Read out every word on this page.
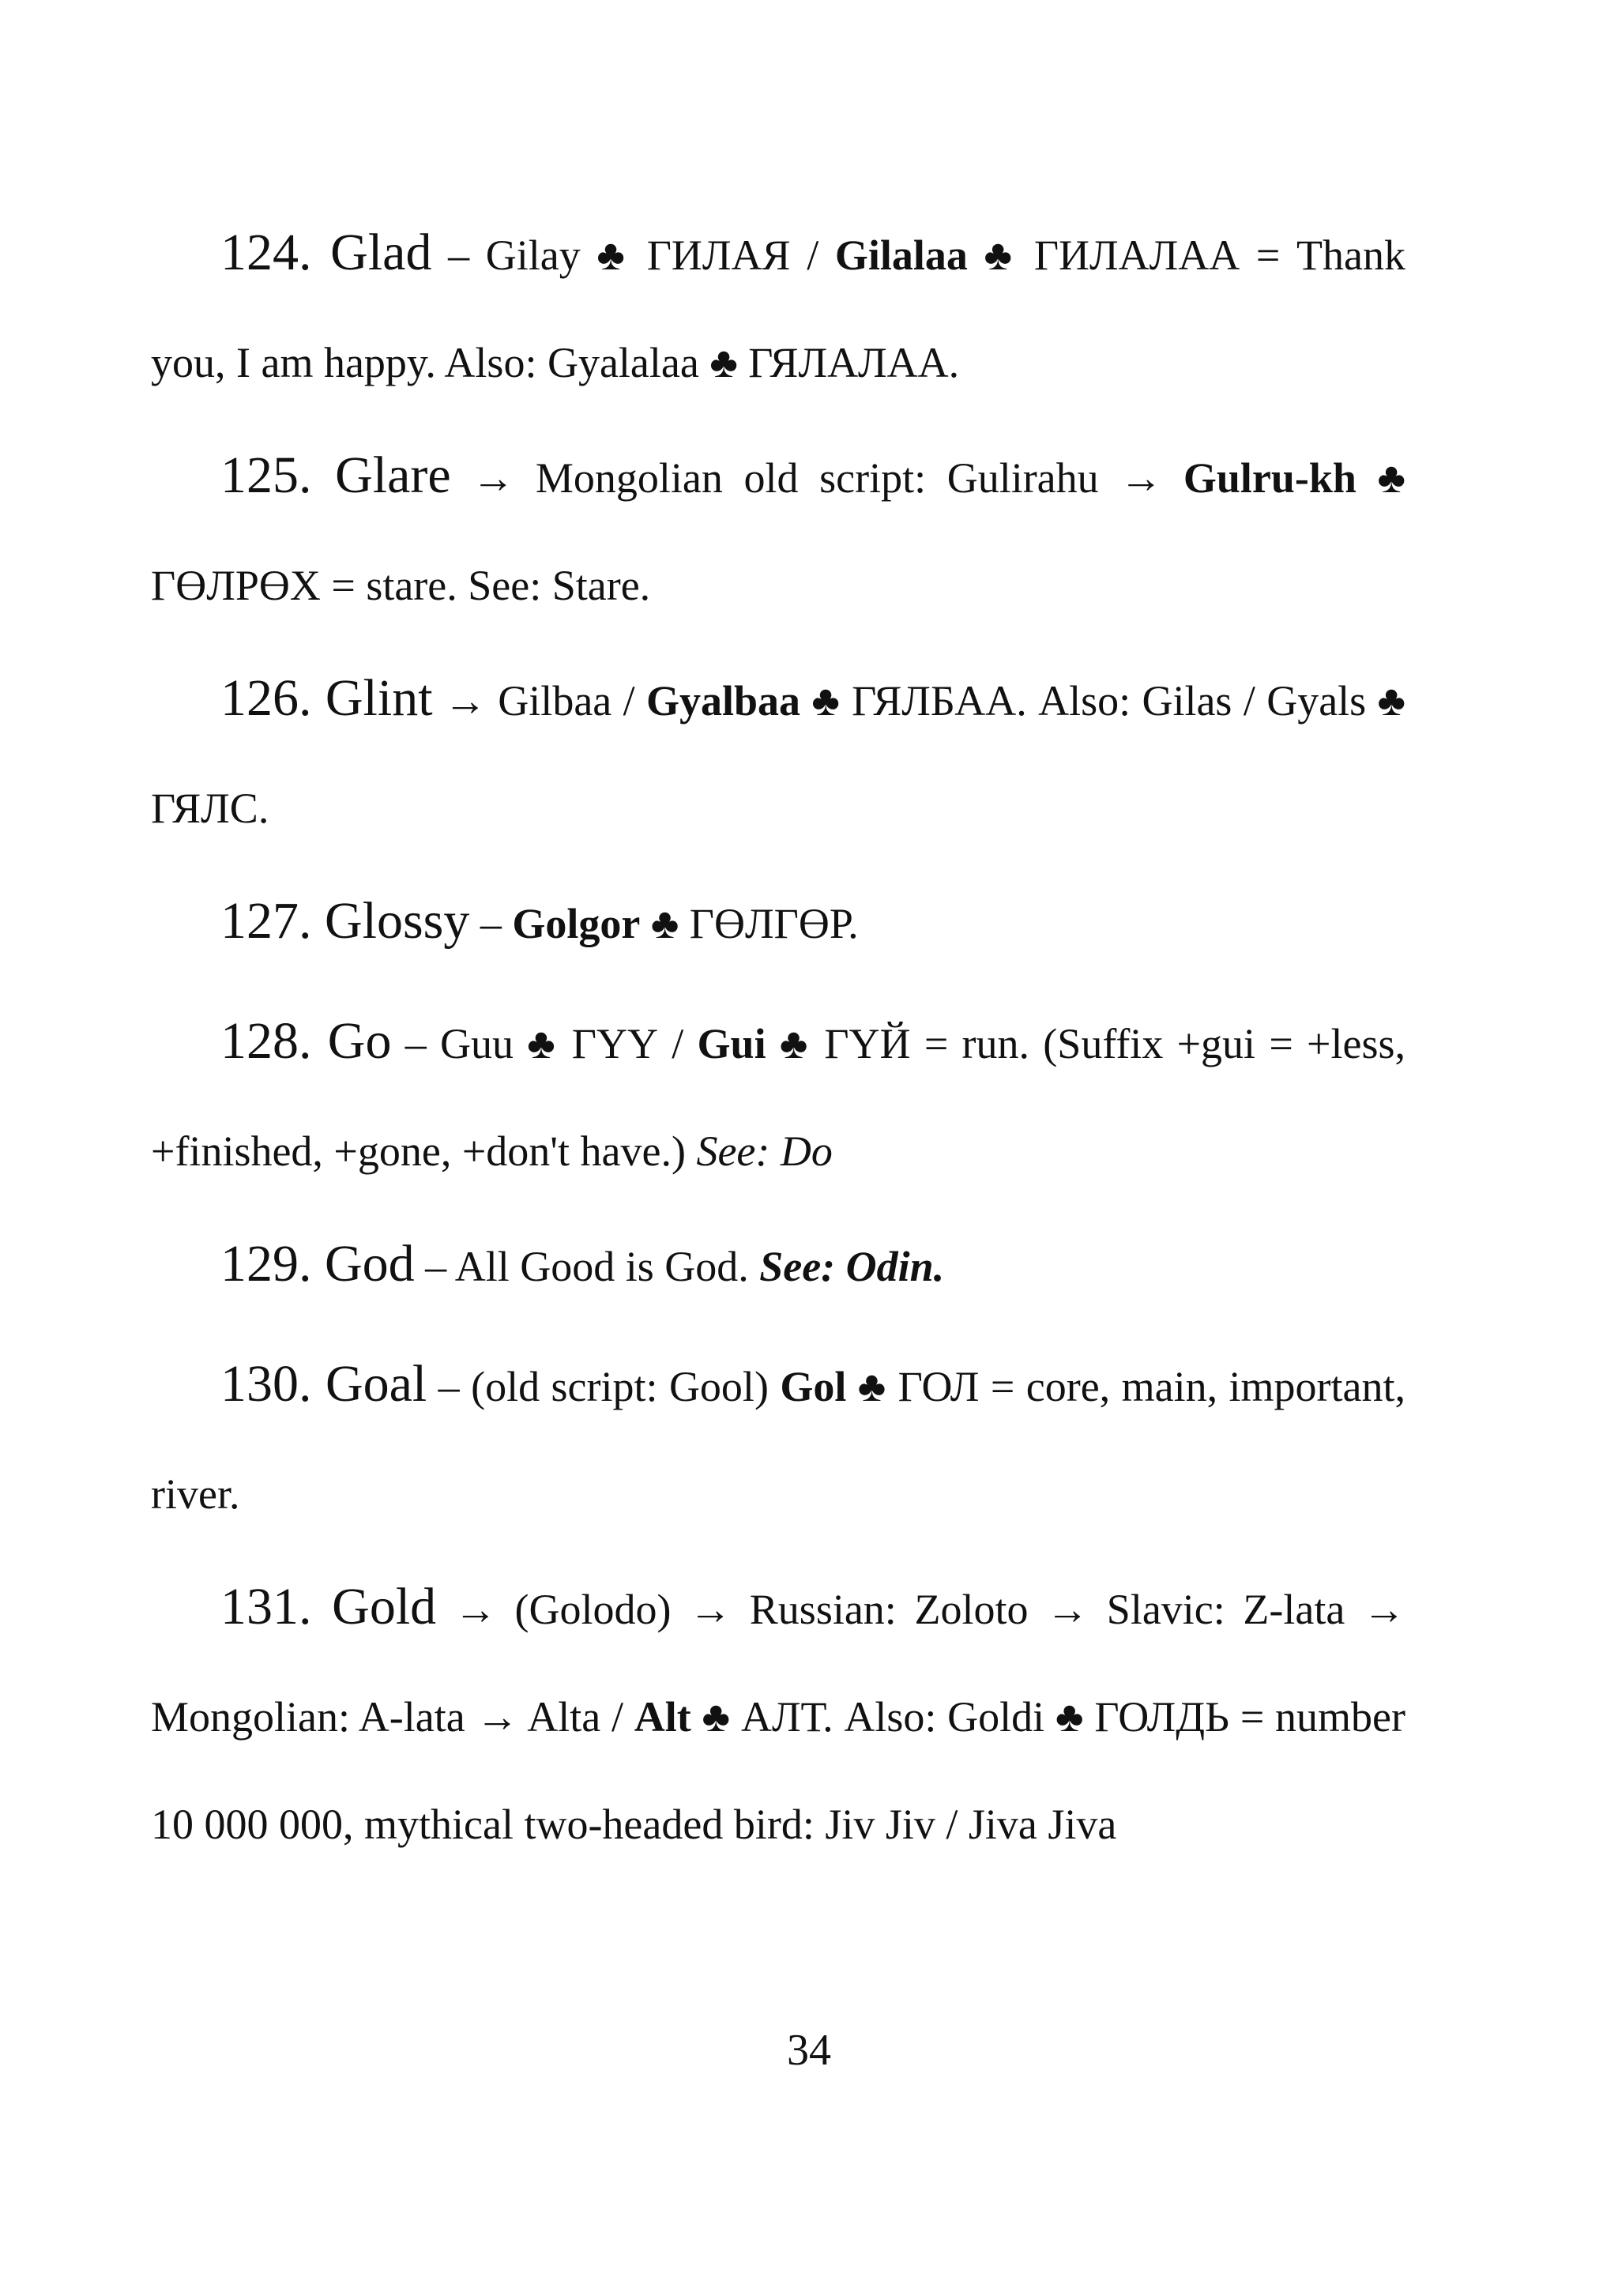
124. Glad – Gilay ♣ ГИЛАЯ / Gilalaa ♣ ГИЛАЛАА = Thank you, I am happy. Also: Gyalalaa ♣ ГЯЛАЛАА.

125. Glare → Mongolian old script: Gulirahu → Gulru-kh ♣ ГӨЛРӨХ = stare. See: Stare.

126. Glint → Gilbaa / Gyalbaa ♣ ГЯЛБАА. Also: Gilas / Gyals ♣ ГЯЛС.

127. Glossy – Golgor ♣ ГӨЛГӨР.

128. Go – Guu ♣ ГҮҮ / Gui ♣ ГҮЙ = run. (Suffix +gui = +less, +finished, +gone, +don't have.) See: Do

129. God – All Good is God. See: Odin.

130. Goal – (old script: Gool) Gol ♣ ГОЛ = core, main, important, river.

131. Gold → (Golodo) → Russian: Zoloto → Slavic: Z-lata → Mongolian: A-lata → Alta / Alt ♣ АЛТ. Also: Goldi ♣ ГОЛДЬ = number 10 000 000, mythical two-headed bird: Jiv Jiv / Jiva Jiva

34
